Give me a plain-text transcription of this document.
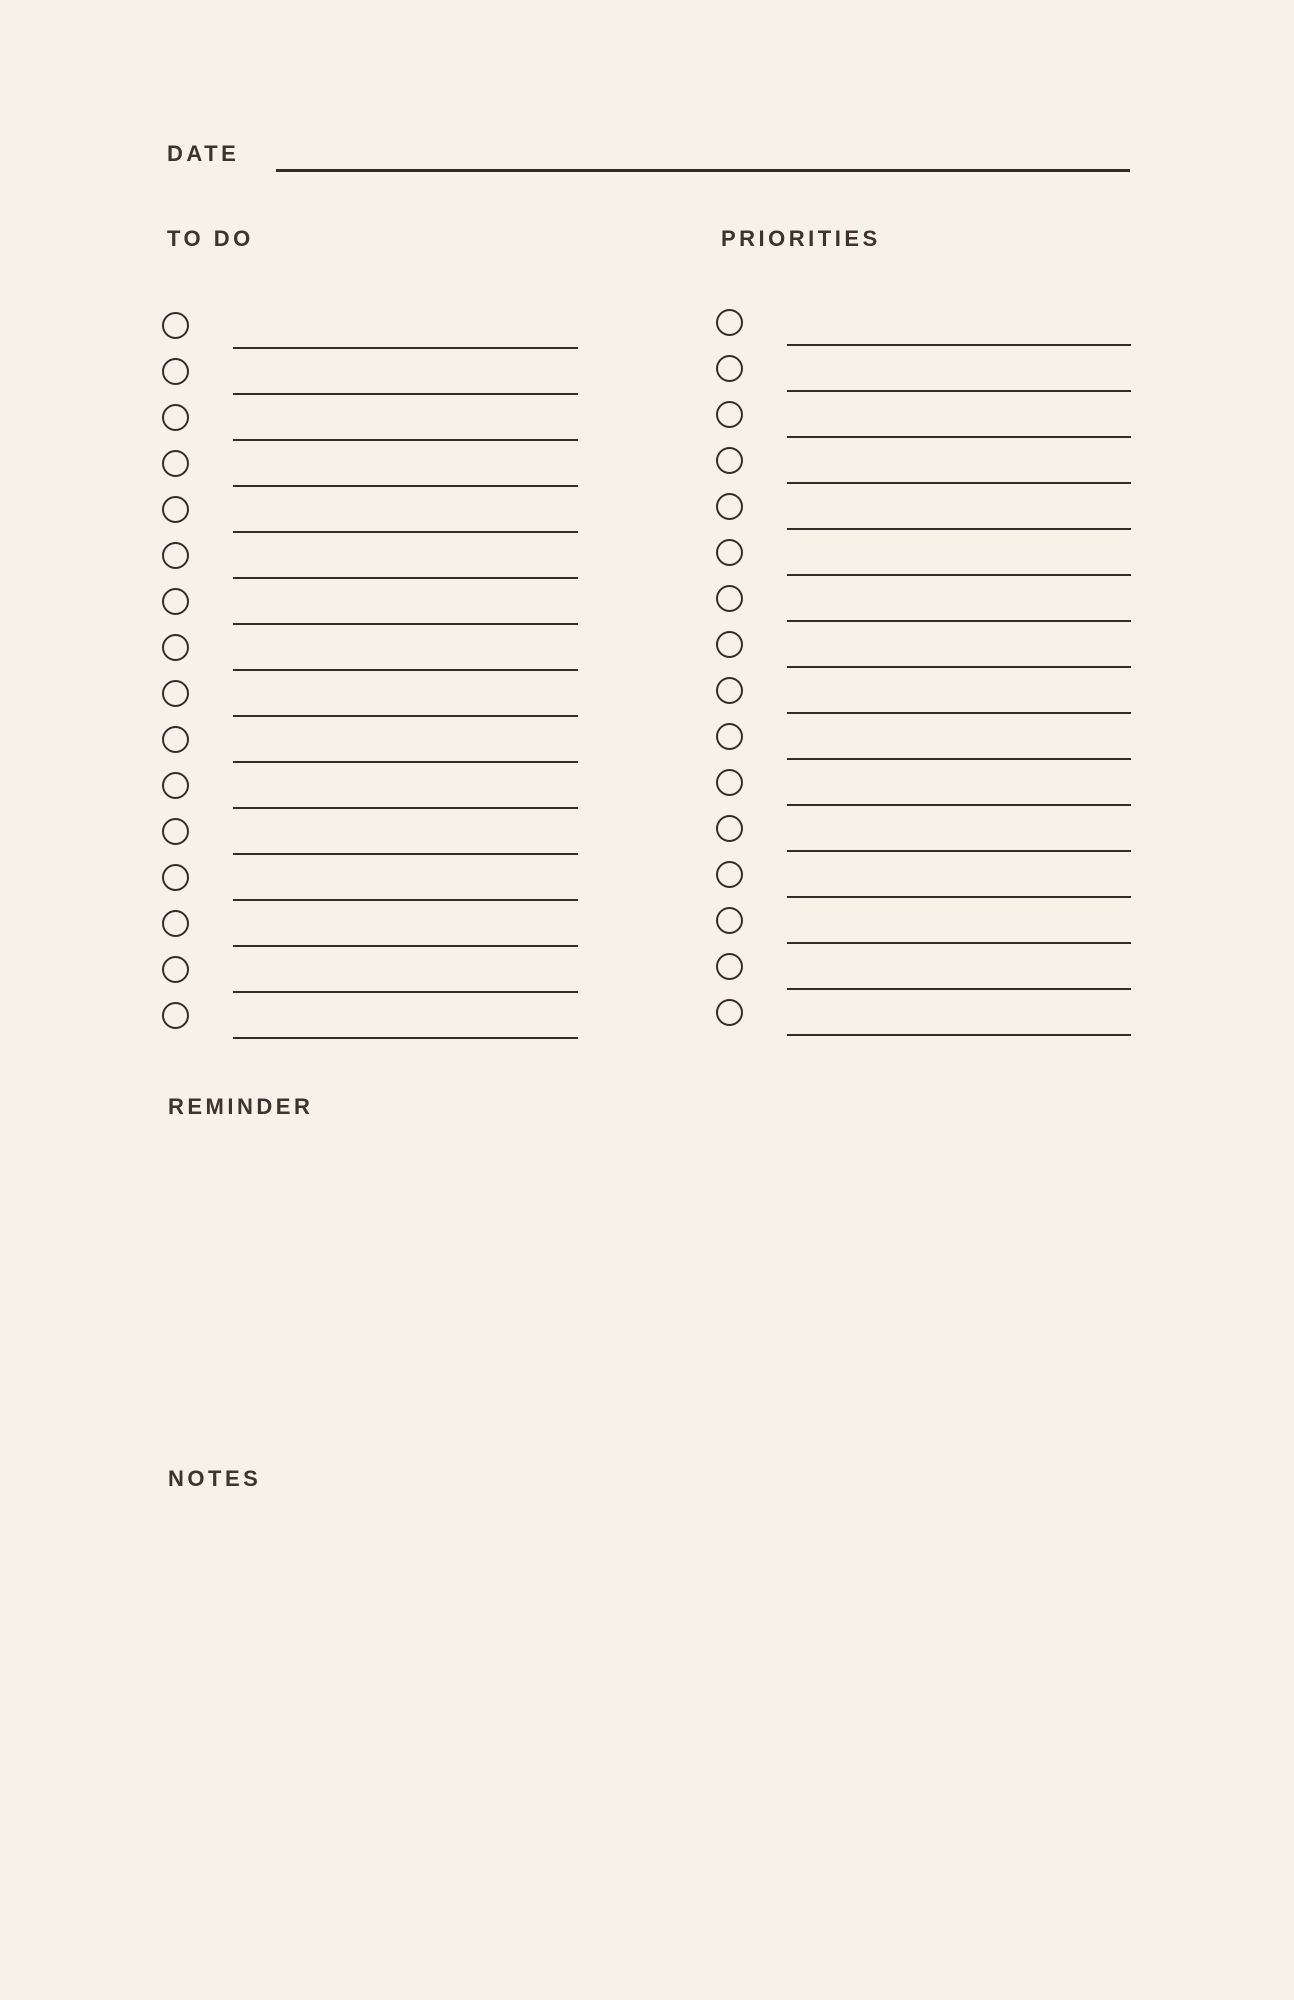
DATE
TO DO	PRIORITIES
REMINDER
NOTES
